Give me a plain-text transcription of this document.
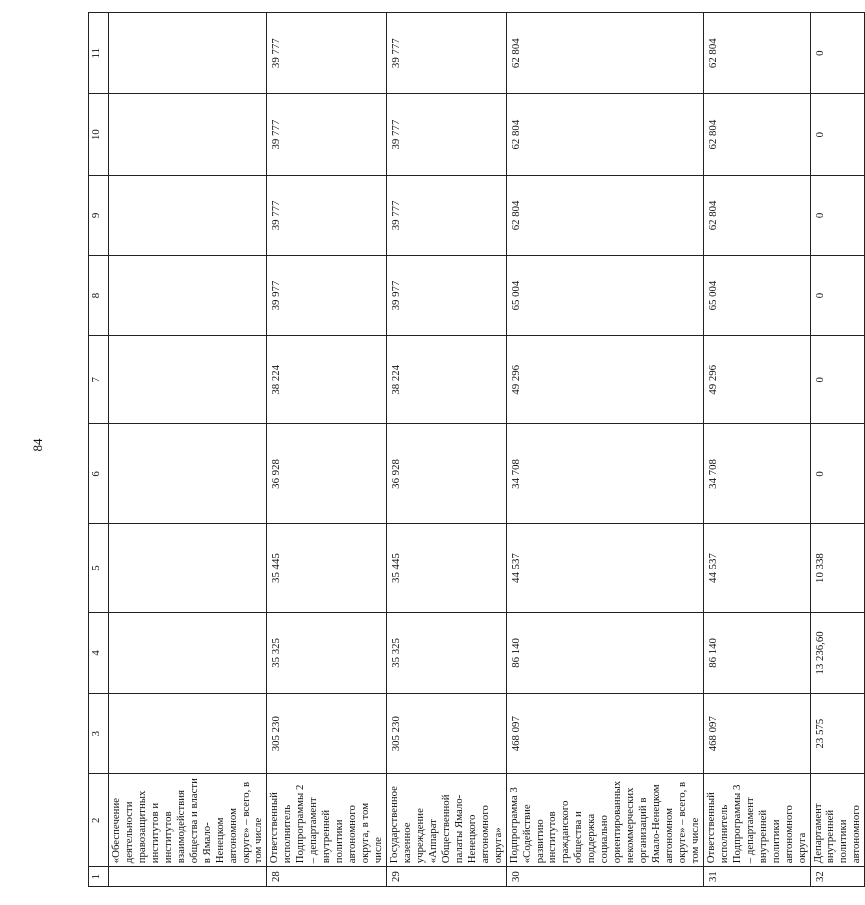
84
1	2	3	4	5	6	7	8	9	10	11
	«Обеспечение деятельности правозащитных институтов и институтов взаимодействия общества и власти в Ямало-Ненецком автономном округе» – всего, в том числе									
28	Ответственный исполнитель Подпрограммы 2 – департамент внутренней политики автономного округа, в том числе	305 230	35 325	35 445	36 928	38 224	39 977	39 777	39 777	39 777
29	Государственное казенное учреждение «Аппарат Общественной палаты Ямало-Ненецкого автономного округа»	305 230	35 325	35 445	36 928	38 224	39 977	39 777	39 777	39 777
30	Подпрограмма 3 «Содействие развитию институтов гражданского общества и поддержка социально ориентированных некоммерческих организаций в Ямало-Ненецком автономном округе» – всего, в том числе	468 097	86 140	44 537	34 708	49 296	65 004	62 804	62 804	62 804
31	Ответственный исполнитель Подпрограммы 3 – департамент внутренней политики автономного округа	468 097	86 140	44 537	34 708	49 296	65 004	62 804	62 804	62 804
32	Департамент внутренней политики автономного	23 575	13 236,60	10 338	0	0	0	0	0	0
